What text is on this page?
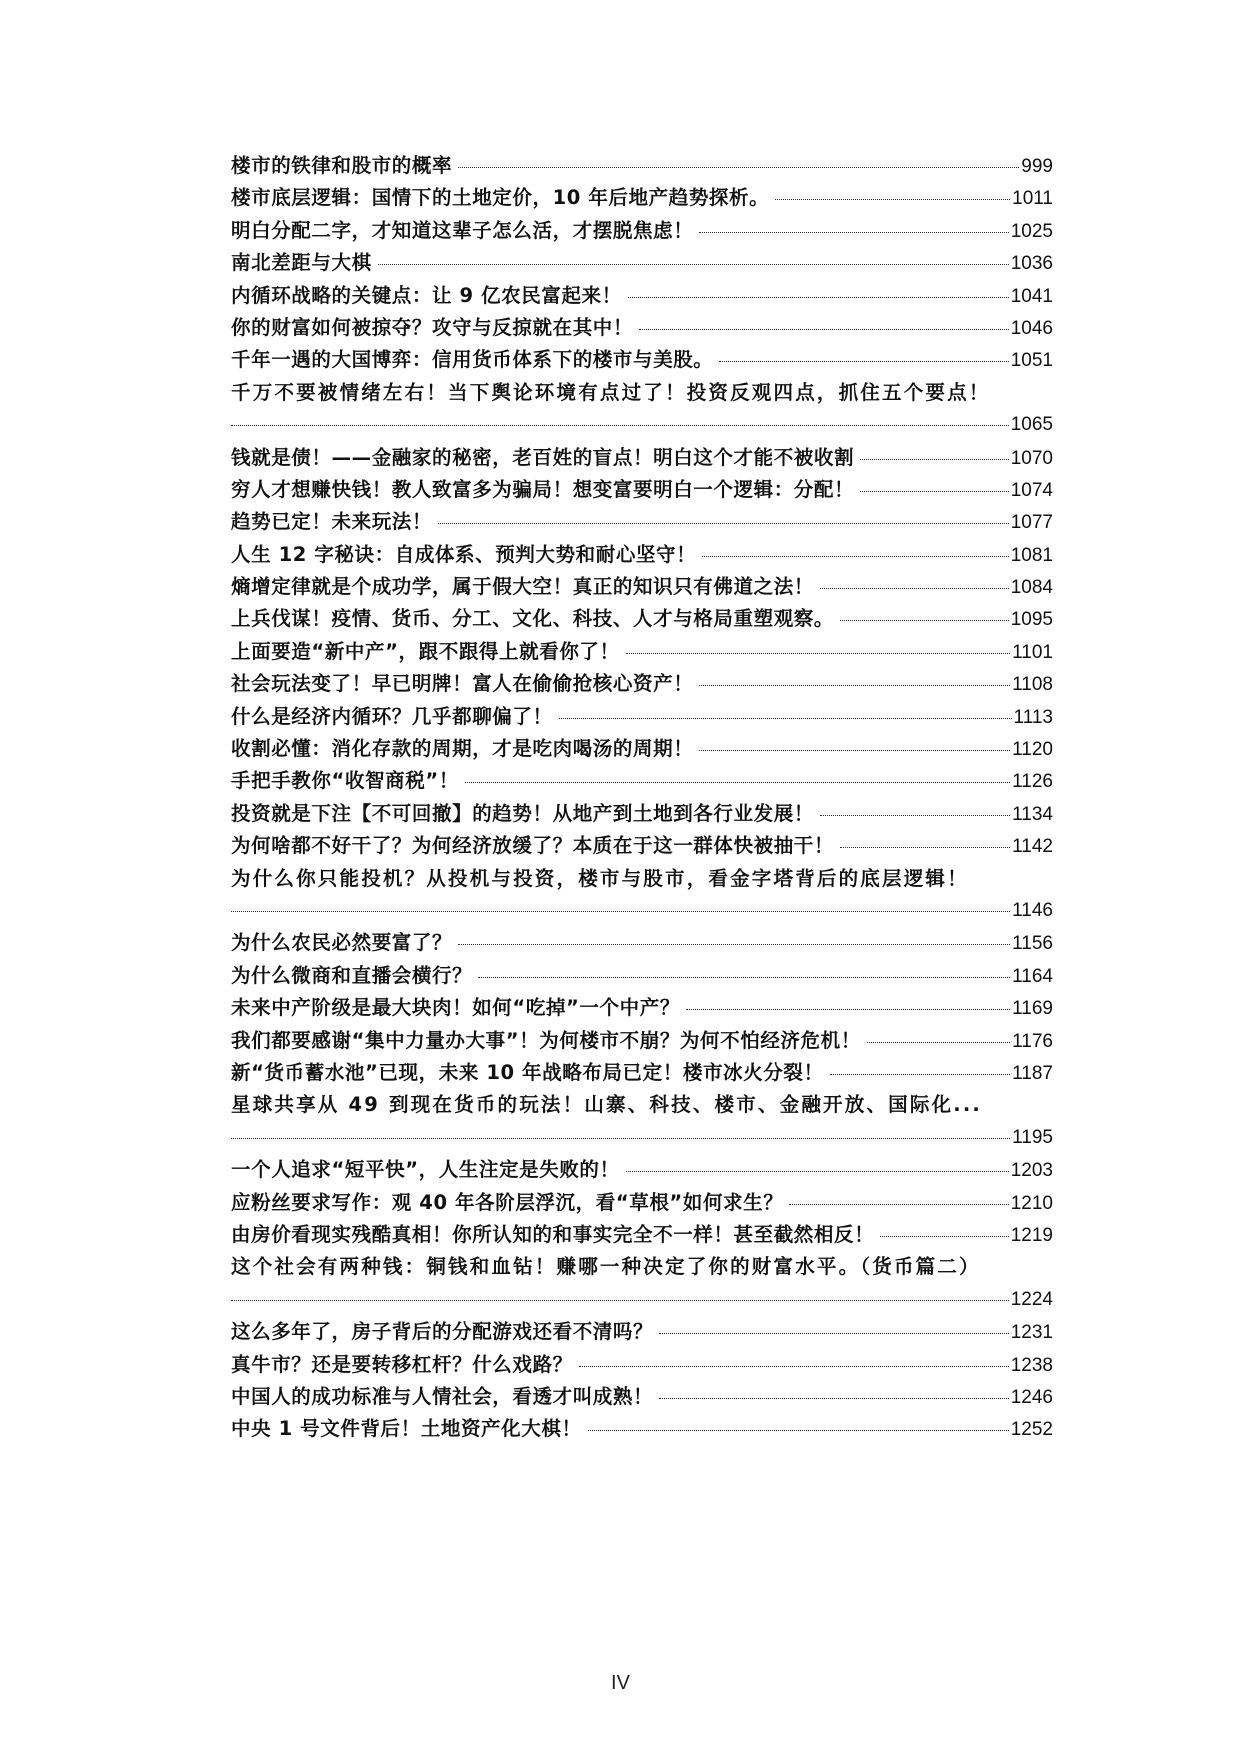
楼市的铁律和股市的概率	999
楼市底层逻辑：国情下的土地定价，10 年后地产趋势探析。	1011
明白分配二字，才知道这辈子怎么活，才摆脱焦虑！	1025
南北差距与大棋	1036
内循环战略的关键点：让 9 亿农民富起来！	1041
你的财富如何被掠夺？攻守与反掠就在其中！	1046
千年一遇的大国博弈：信用货币体系下的楼市与美股。	1051
千万不要被情绪左右！当下舆论环境有点过了！投资反观四点，抓住五个要点！
1065
钱就是债！——金融家的秘密，老百姓的盲点！明白这个才能不被收割	1070
穷人才想赚快钱！教人致富多为骗局！想变富要明白一个逻辑：分配！	1074
趋势已定！未来玩法！	1077
人生 12 字秘诀：自成体系、预判大势和耐心坚守！	1081
熵增定律就是个成功学，属于假大空！真正的知识只有佛道之法！	1084
上兵伐谋！疫情、货币、分工、文化、科技、人才与格局重塑观察。	1095
上面要造“新中产”，跟不跟得上就看你了！	1101
社会玩法变了！早已明牌！富人在偷偷抢核心资产！	1108
什么是经济内循环？几乎都聊偏了！	1113
收割必懂：消化存款的周期，才是吃肉喝汤的周期！	1120
手把手教你“收智商税”！	1126
投资就是下注【不可回撤】的趋势！从地产到土地到各行业发展！	1134
为何啥都不好干了？为何经济放缓了？本质在于这一群体快被抽干！	1142
为什么你只能投机？从投机与投资，楼市与股市，看金字塔背后的底层逻辑！
1146
为什么农民必然要富了？	1156
为什么微商和直播会横行？	1164
未来中产阶级是最大块肉！如何“吃掉”一个中产？	1169
我们都要感谢“集中力量办大事”！为何楼市不崩？为何不怕经济危机！	1176
新“货币蓄水池”已现，未来 10 年战略布局已定！楼市冰火分裂！	1187
星球共享从 49 到现在货币的玩法！山寨、科技、楼市、金融开放、国际化...
1195
一个人追求“短平快”，人生注定是失败的！	1203
应粉丝要求写作：观 40 年各阶层浮沉，看“草根”如何求生？	1210
由房价看现实残酷真相！你所认知的和事实完全不一样！甚至截然相反！	1219
这个社会有两种钱：铜钱和血钻！赚哪一种决定了你的财富水平。（货币篇二）
1224
这么多年了，房子背后的分配游戏还看不清吗？	1231
真牛市？还是要转移杠杆？什么戏路？	1238
中国人的成功标准与人情社会，看透才叫成熟！	1246
中央 1 号文件背后！土地资产化大棋！	1252
IV
